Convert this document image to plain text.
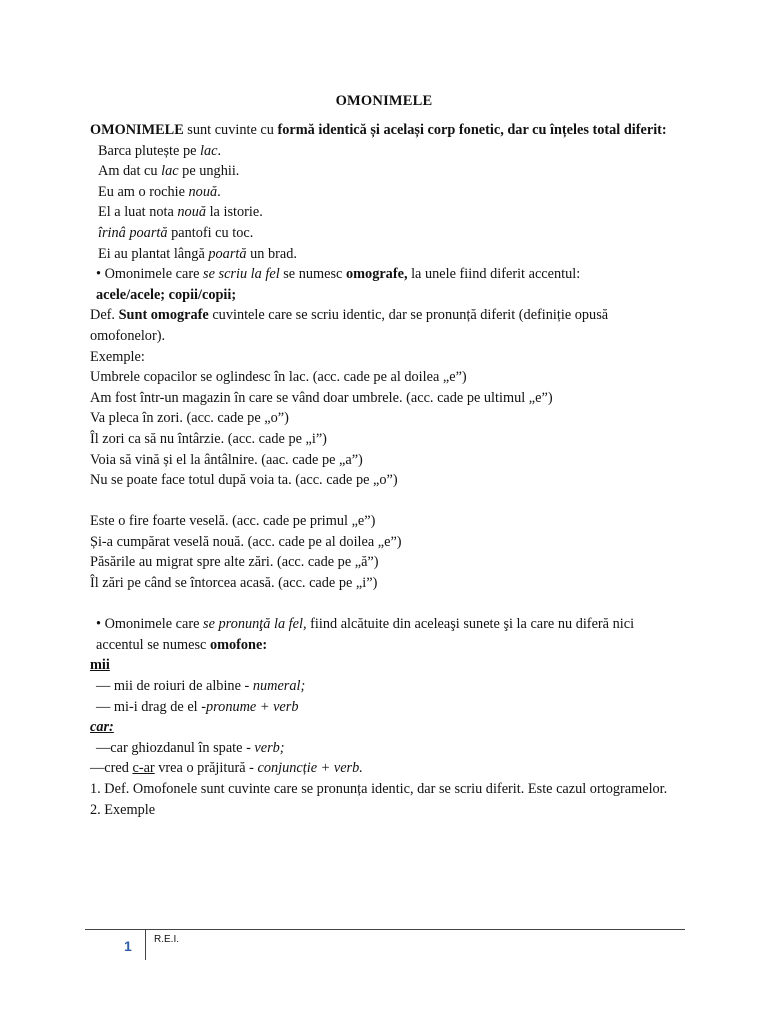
OMONIMELE

OMONIMELE sunt cuvinte cu formă identică și același corp fonetic, dar cu înțeles total diferit:

Barca plutește pe lac.

Am dat cu lac pe unghii.

Eu am o rochie nouă.

El a luat nota nouă la istorie.

îrinâ poartă pantofi cu toc.

Ei au plantat lângă poartă un brad.

• Omonimele care se scriu la fel se numesc omografe, la unele fiind diferit accentul:

acele/acele; copii/copii;

Def. Sunt omografe cuvintele care se scriu identic, dar se pronunță diferit (definiție opusă omofonelor).

Exemple:

Umbrele copacilor se oglindesc în lac. (acc. cade pe al doilea „e”)

Am fost într-un magazin în care se vând doar umbrele. (acc. cade pe ultimul „e”)

Va pleca în zori. (acc. cade pe „o”)

Îl zori ca să nu întârzie. (acc. cade pe „i”)

Voia să vină și el la ântâlnire. (aac. cade pe „a”)

Nu se poate face totul după voia ta. (acc. cade pe „o”)

Este o fire foarte veselă. (acc. cade pe primul „e”)

Și-a cumpărat veselă nouă. (acc. cade pe al doilea „e”)

Păsările au migrat spre alte zări. (acc. cade pe „ă”)

Îl zări pe când se întorcea acasă. (acc. cade pe „i”)

• Omonimele care se pronunţă la fel, fiind alcătuite din aceleaşi sunete şi la care nu diferă nici accentul se numesc omofone:

mii

— mii de roiuri de albine - numeral;

— mi-i drag de el -pronume + verb

car:

—car ghiozdanul în spate - verb;

—cred c-ar vrea o prăjitură - conjuncție + verb.

1. Def. Omofonele sunt cuvinte care se pronunța identic, dar se scriu diferit. Este cazul ortogramelor.

2. Exemple

1 R.E.I.
